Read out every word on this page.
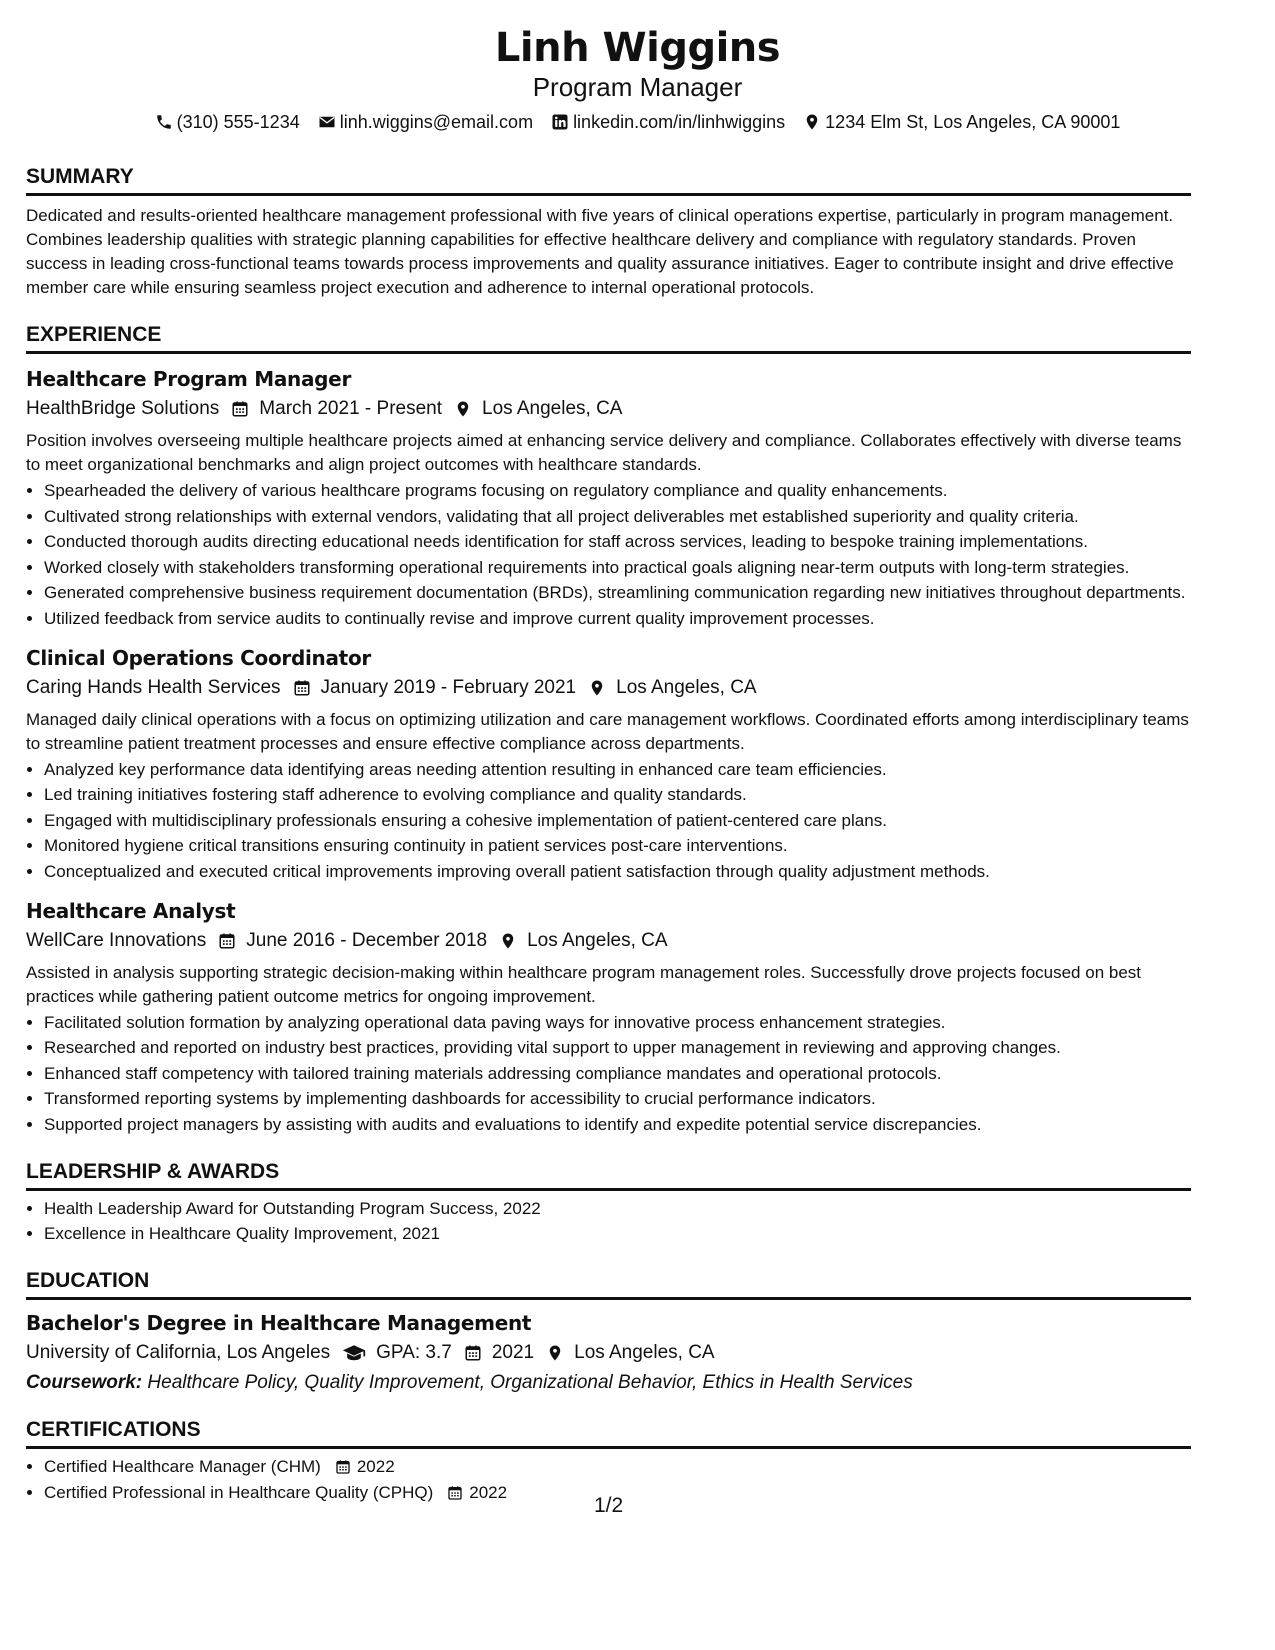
Linh Wiggins
Program Manager
(310) 555-1234 linh.wiggins@email.com linkedin.com/in/linhwiggins 1234 Elm St, Los Angeles, CA 90001
SUMMARY
Dedicated and results-oriented healthcare management professional with five years of clinical operations expertise, particularly in program management. Combines leadership qualities with strategic planning capabilities for effective healthcare delivery and compliance with regulatory standards. Proven success in leading cross-functional teams towards process improvements and quality assurance initiatives. Eager to contribute insight and drive effective member care while ensuring seamless project execution and adherence to internal operational protocols.
EXPERIENCE
Healthcare Program Manager
HealthBridge Solutions March 2021 - Present Los Angeles, CA
Position involves overseeing multiple healthcare projects aimed at enhancing service delivery and compliance. Collaborates effectively with diverse teams to meet organizational benchmarks and align project outcomes with healthcare standards.
• Spearheaded the delivery of various healthcare programs focusing on regulatory compliance and quality enhancements.
• Cultivated strong relationships with external vendors, validating that all project deliverables met established superiority and quality criteria.
• Conducted thorough audits directing educational needs identification for staff across services, leading to bespoke training implementations.
• Worked closely with stakeholders transforming operational requirements into practical goals aligning near-term outputs with long-term strategies.
• Generated comprehensive business requirement documentation (BRDs), streamlining communication regarding new initiatives throughout departments.
• Utilized feedback from service audits to continually revise and improve current quality improvement processes.
Clinical Operations Coordinator
Caring Hands Health Services January 2019 - February 2021 Los Angeles, CA
Managed daily clinical operations with a focus on optimizing utilization and care management workflows. Coordinated efforts among interdisciplinary teams to streamline patient treatment processes and ensure effective compliance across departments.
• Analyzed key performance data identifying areas needing attention resulting in enhanced care team efficiencies.
• Led training initiatives fostering staff adherence to evolving compliance and quality standards.
• Engaged with multidisciplinary professionals ensuring a cohesive implementation of patient-centered care plans.
• Monitored hygiene critical transitions ensuring continuity in patient services post-care interventions.
• Conceptualized and executed critical improvements improving overall patient satisfaction through quality adjustment methods.
Healthcare Analyst
WellCare Innovations June 2016 - December 2018 Los Angeles, CA
Assisted in analysis supporting strategic decision-making within healthcare program management roles. Successfully drove projects focused on best practices while gathering patient outcome metrics for ongoing improvement.
• Facilitated solution formation by analyzing operational data paving ways for innovative process enhancement strategies.
• Researched and reported on industry best practices, providing vital support to upper management in reviewing and approving changes.
• Enhanced staff competency with tailored training materials addressing compliance mandates and operational protocols.
• Transformed reporting systems by implementing dashboards for accessibility to crucial performance indicators.
• Supported project managers by assisting with audits and evaluations to identify and expedite potential service discrepancies.
LEADERSHIP & AWARDS
• Health Leadership Award for Outstanding Program Success, 2022
• Excellence in Healthcare Quality Improvement, 2021
EDUCATION
Bachelor's Degree in Healthcare Management
University of California, Los Angeles GPA: 3.7 2021 Los Angeles, CA
Coursework: Healthcare Policy, Quality Improvement, Organizational Behavior, Ethics in Health Services
CERTIFICATIONS
• Certified Healthcare Manager (CHM) 2022
• Certified Professional in Healthcare Quality (CPHQ) 2022
1/2
